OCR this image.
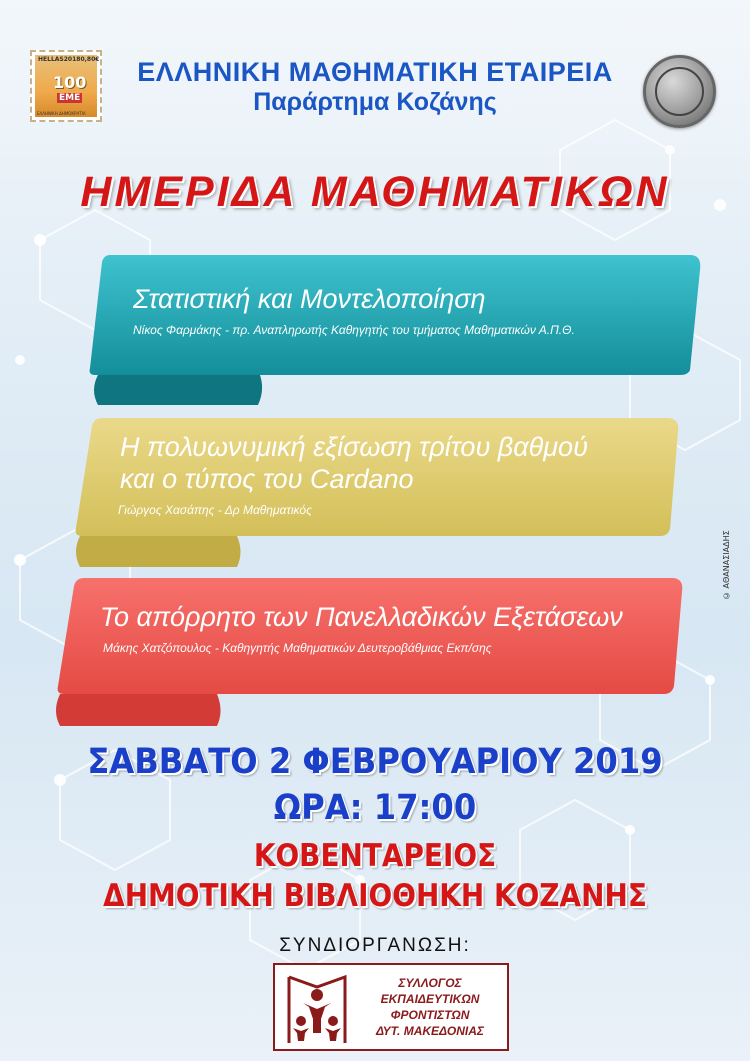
HELLAS 2018 0,80€
100
EME
ΕΛΛΗΝΙΚΗ ΔΗΜΟΚΡΑΤΙΑ
ΕΛΛΗΝΙΚΗ ΜΑΘΗΜΑΤΙΚΗ ΕΤΑΙΡΕΙΑ
Παράρτημα Κοζάνης
ΗΜΕΡΙΔΑ ΜΑΘΗΜΑΤΙΚΩΝ
Στατιστική και Μοντελοποίηση
Νίκος Φαρμάκης - πρ. Αναπληρωτής Καθηγητής του τμήματος Μαθηματικών Α.Π.Θ.
Η πολυωνυμική εξίσωση τρίτου βαθμού
και ο τύπος του Cardano
Γιώργος Χασάπης - Δρ Μαθηματικός
Το απόρρητο των Πανελλαδικών Εξετάσεων
Μάκης Χατζόπουλος - Καθηγητής Μαθηματικών Δευτεροβάθμιας Εκπ/σης
ΣΑΒΒΑΤΟ 2 ΦΕΒΡΟΥΑΡΙΟΥ 2019
ΩΡΑ: 17:00
ΚΟΒΕΝΤΑΡΕΙΟΣ
ΔΗΜΟΤΙΚΗ ΒΙΒΛΙΟΘΗΚΗ ΚΟΖΑΝΗΣ
ΣΥΝΔΙΟΡΓΑΝΩΣΗ:
ΣΥΛΛΟΓΟΣ
ΕΚΠΑΙΔΕΥΤΙΚΩΝ
ΦΡΟΝΤΙΣΤΩΝ
ΔΥΤ. ΜΑΚΕΔΟΝΙΑΣ
© ΑΘΑΝΑΣΙΑΔΗΣ
